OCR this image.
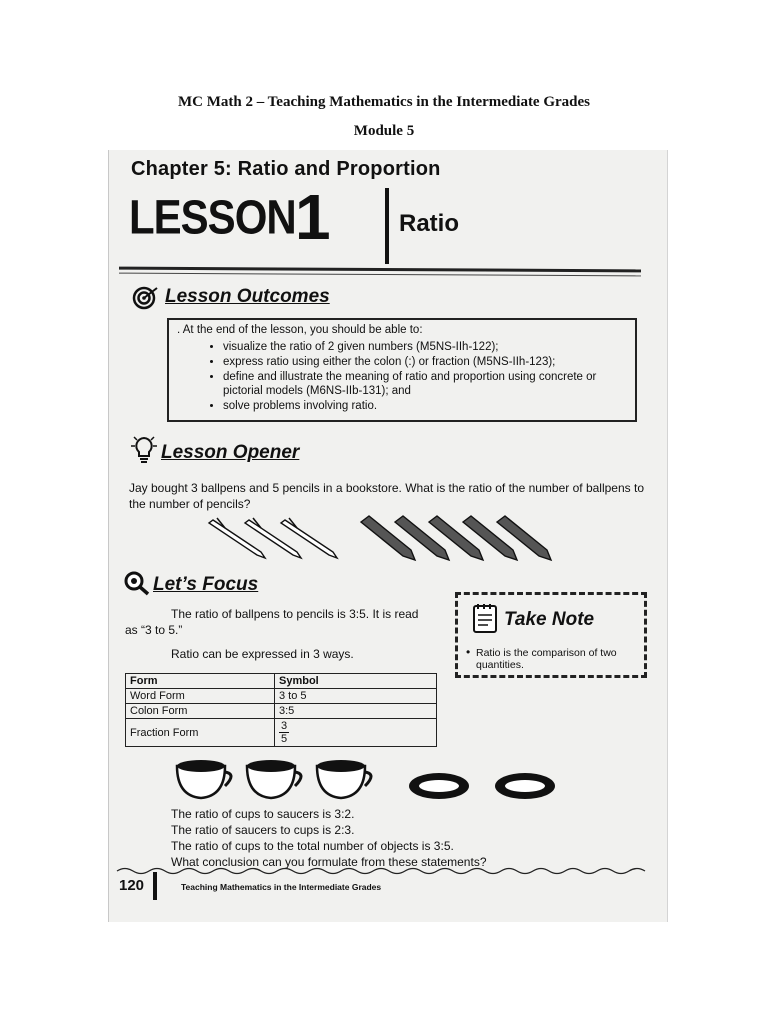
MC Math 2 – Teaching Mathematics in the Intermediate Grades
Module 5
Chapter 5: Ratio and Proportion
LESSON 1	Ratio
Lesson Outcomes
. At the end of the lesson, you should be able to:
• visualize the ratio of 2 given numbers (M5NS-IIh-122);
• express ratio using either the colon (:) or fraction (M5NS-IIh-123);
• define and illustrate the meaning of ratio and proportion using concrete or pictorial models (M6NS-IIb-131); and
• solve problems involving ratio.
Lesson Opener
Jay bought 3 ballpens and 5 pencils in a bookstore. What is the ratio of the number of ballpens to the number of pencils?
Let’s Focus
The ratio of ballpens to pencils is 3:5. It is read as “3 to 5.”
Ratio can be expressed in 3 ways.
Form	Symbol
Word Form	3 to 5
Colon Form	3:5
Fraction Form	$\frac{3}{5}$
Take Note
• Ratio is the comparison of two quantities.
The ratio of cups to saucers is 3:2.
The ratio of saucers to cups is 2:3.
The ratio of cups to the total number of objects is 3:5.
What conclusion can you formulate from these statements?
120	Teaching Mathematics in the Intermediate Grades
